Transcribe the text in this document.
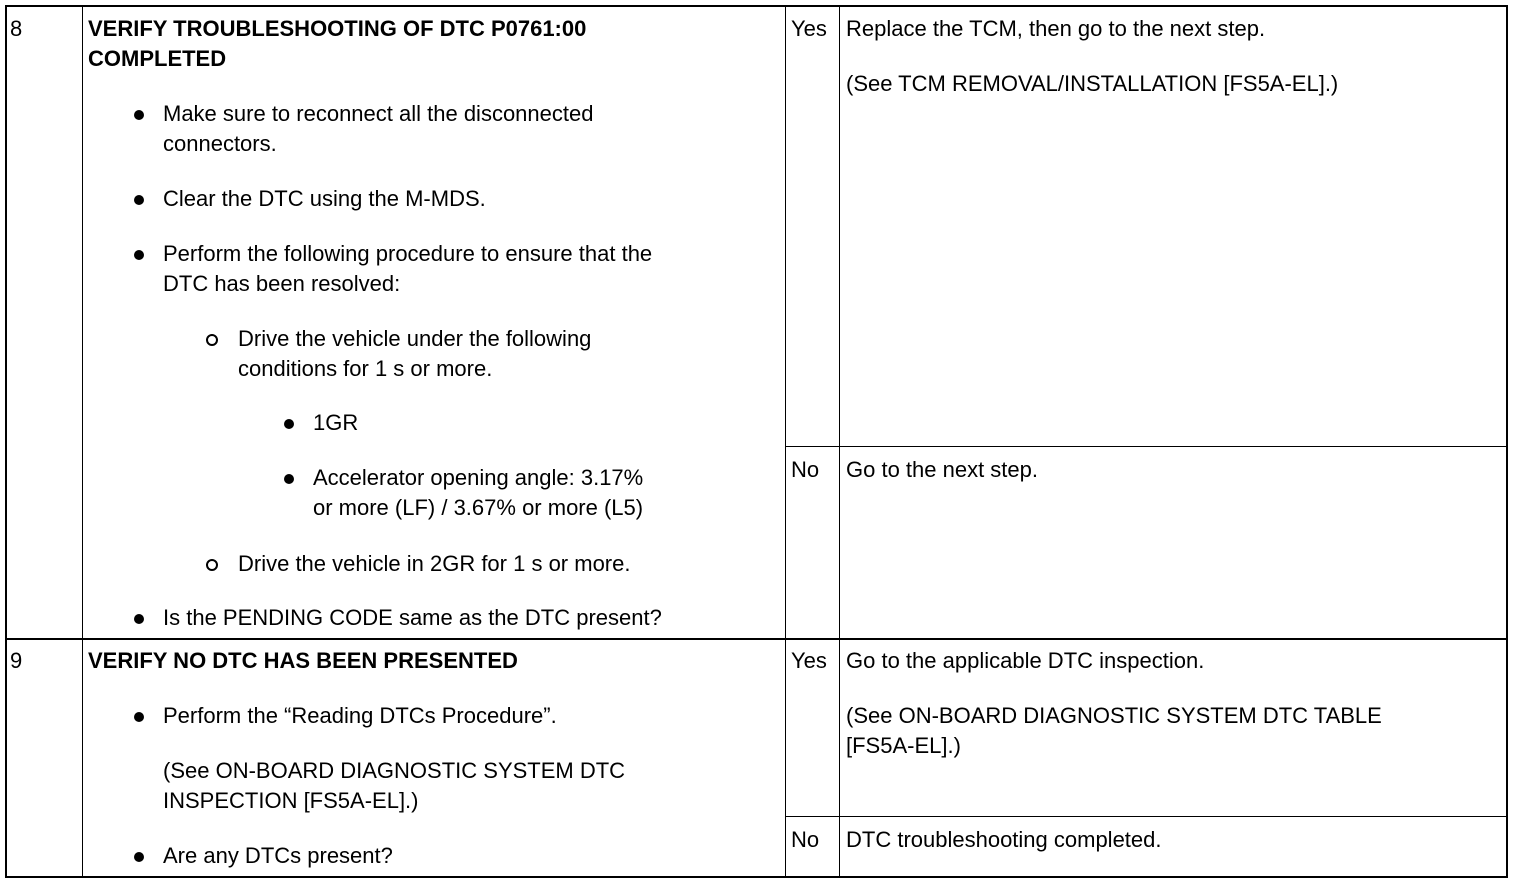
8	VERIFY TROUBLESHOOTING OF DTC P0761:00
COMPLETED
Make sure to reconnect all the disconnected
connectors.
Clear the DTC using the M-MDS.
Perform the following procedure to ensure that the
DTC has been resolved:
Drive the vehicle under the following
conditions for 1 s or more.
1GR
Accelerator opening angle: 3.17%
or more (LF) / 3.67% or more (L5)
Drive the vehicle in 2GR for 1 s or more.
Is the PENDING CODE same as the DTC present?
Yes Replace the TCM, then go to the next step.
(See TCM REMOVAL/INSTALLATION [FS5A-EL].)
No Go to the next step.
9	VERIFY NO DTC HAS BEEN PRESENTED
Perform the “Reading DTCs Procedure”.
(See ON-BOARD DIAGNOSTIC SYSTEM DTC
INSPECTION [FS5A-EL].)
Are any DTCs present?
Yes Go to the applicable DTC inspection.
(See ON-BOARD DIAGNOSTIC SYSTEM DTC TABLE
[FS5A-EL].)
No DTC troubleshooting completed.
